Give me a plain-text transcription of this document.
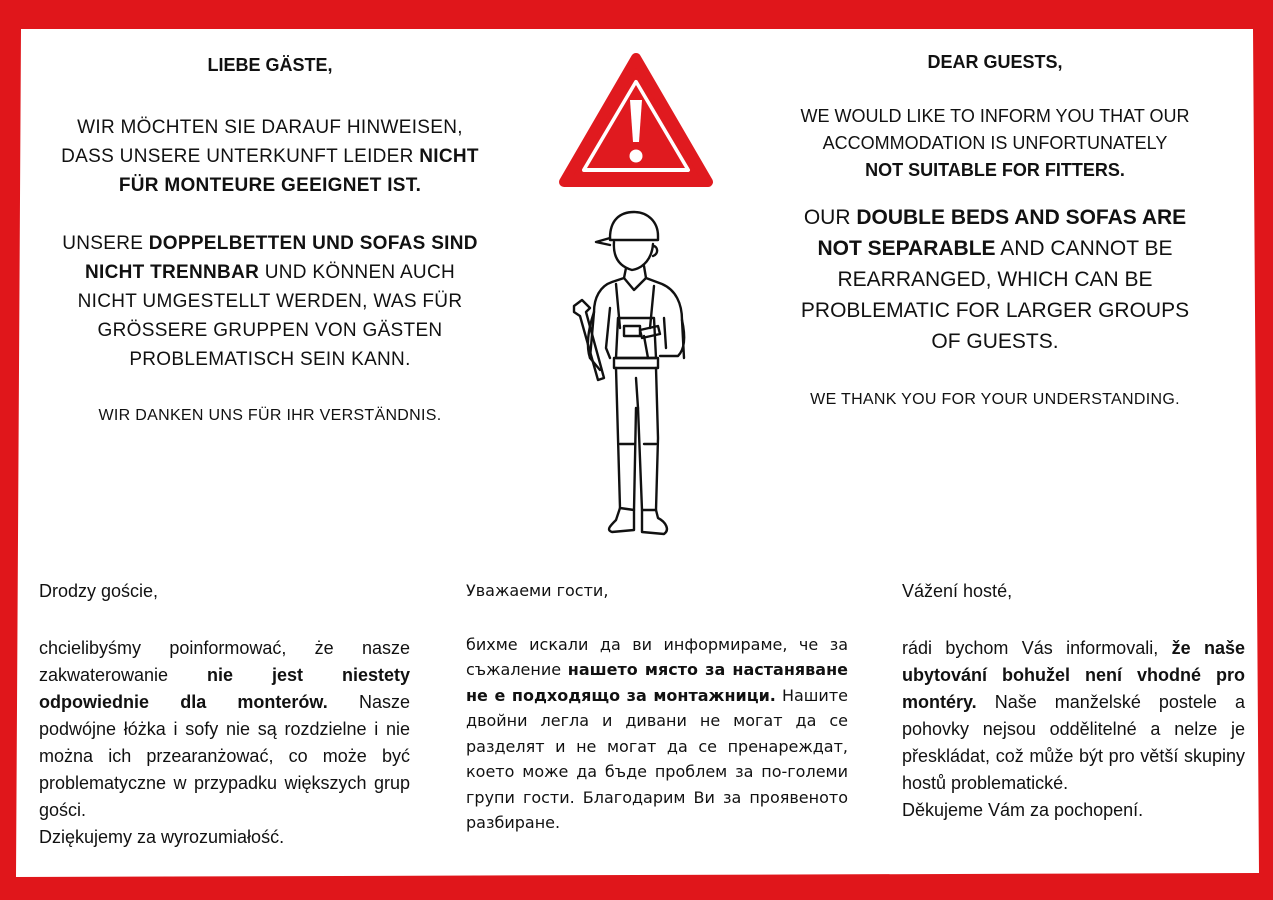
LIEBE GÄSTE,

WIR MÖCHTEN SIE DARAUF HINWEISEN,

DASS UNSERE UNTERKUNFT LEIDER NICHT

FÜR MONTEURE GEEIGNET IST.

UNSERE DOPPELBETTEN UND SOFAS SIND

NICHT TRENNBAR UND KÖNNEN AUCH

NICHT UMGESTELLT WERDEN, WAS FÜR

GRÖSSERE GRUPPEN VON GÄSTEN

PROBLEMATISCH SEIN KANN.

WIR DANKEN UNS FÜR IHR VERSTÄNDNIS.

DEAR GUESTS,

WE WOULD LIKE TO INFORM YOU THAT OUR

ACCOMMODATION IS UNFORTUNATELY

NOT SUITABLE FOR FITTERS.

OUR DOUBLE BEDS AND SOFAS ARE

NOT SEPARABLE AND CANNOT BE

REARRANGED, WHICH CAN BE

PROBLEMATIC FOR LARGER GROUPS

OF GUESTS.

WE THANK YOU FOR YOUR UNDERSTANDING.

Drodzy goście,

chcielibyśmy poinformować, że nasze zakwaterowanie nie jest niestety odpowiednie dla monterów. Nasze podwójne łóżka i sofy nie są rozdzielne i nie można ich przearanżować, co może być problematyczne w przypadku większych grup gości.

Dziękujemy za wyrozumiałość.

Уважаеми гости,

бихме искали да ви информираме, че за съжаление нашето място за настаняване не е подходящо за монтажници. Нашите двойни легла и дивани не могат да се разделят и не могат да се пренареждат, което може да бъде проблем за по-големи групи гости. Благодарим Ви за проявеното разбиране.

Vážení hosté,

rádi bychom Vás informovali, že naše ubytování bohužel není vhodné pro montéry. Naše manželské postele a pohovky nejsou oddělitelné a nelze je přeskládat, což může být pro větší skupiny hostů problematické.

Děkujeme Vám za pochopení.
